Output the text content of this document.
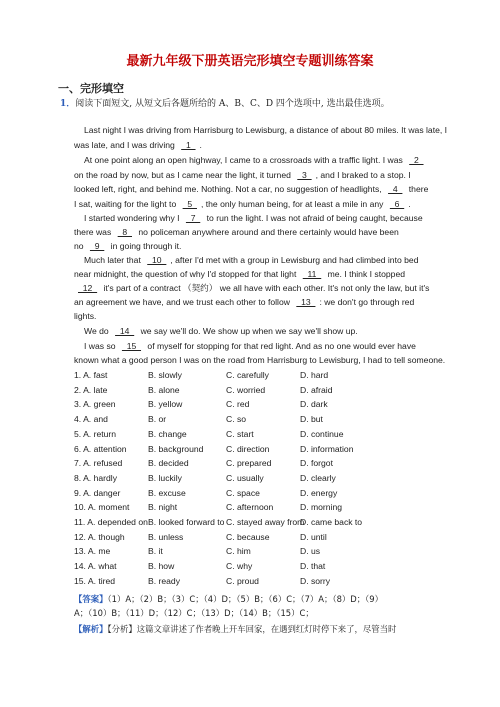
最新九年级下册英语完形填空专题训练答案
一、完形填空
1．阅读下面短文, 从短文后各题所给的 A、B、C、D 四个选项中, 选出最佳选项。
Last night I was driving from Harrisburg to Lewisburg, a distance of about 80 miles. It was late, I
was late, and I was driving   1  .
At one point along an open highway, I came to a crossroads with a traffic light. I was   2
on the road by now, but as I came near the light, it turned   3  , and I braked to a stop. I
looked left, right, and behind me. Nothing. Not a car, no suggestion of headlights,   4   there
I sat, waiting for the light to   5  , the only human being, for at least a mile in any   6  .
I started wondering why I   7   to run the light. I was not afraid of being caught, because
there was   8   no policeman anywhere around and there certainly would have been
no   9   in going through it.
Much later that   10  , after I'd met with a group in Lewisburg and had climbed into bed
near midnight, the question of why I'd stopped for that light   11   me. I think I stopped
12   it's part of a contract （契约） we all have with each other. It's not only the law, but it's
an agreement we have, and we trust each other to follow   13  : we don't go through red
lights.
We do   14   we say we'll do. We show up when we say we'll show up.
I was so   15   of myself for stopping for that red light. And as no one would ever have
known what a good person I was on the road from Harrisburg to Lewisburg, I had to tell someone.
1. A. fast	B. slowly	C. carefully	D. hard
2. A. late	B. alone	C. worried	D. afraid
3. A. green	B. yellow	C. red	D. dark
4. A. and	B. or	C. so	D. but
5. A. return	B. change	C. start	D. continue
6. A. attention B. background	C. direction	D. information
7. A. refused	B. decided	C. prepared	D. forgot
8. A. hardly	B. luckily	C. usually	D. clearly
9. A. danger	B. excuse	C. space	D. energy
10. A. moment B. night	C. afternoon	D. morning
11. A. depended on B. looked forward to C. stayed away from
D. came back to
12. A. though	B. unless	C. because	D. until
13. A. me	B. it	C. him	D. us
14. A. what	B. how	C. why	D. that
15. A. tired	B. ready	C. proud	D. sorry
【答案】（1）A；（2）B；（3）C；（4）D；（5）B；（6）C；（7）A；（8）D；（9）
A；（10）B；（11）D；（12）C；（13）D；（14）B；（15）C；
【解析】【分析】这篇文章讲述了作者晚上开车回家，在遇到红灯时停下来了，尽管当时
